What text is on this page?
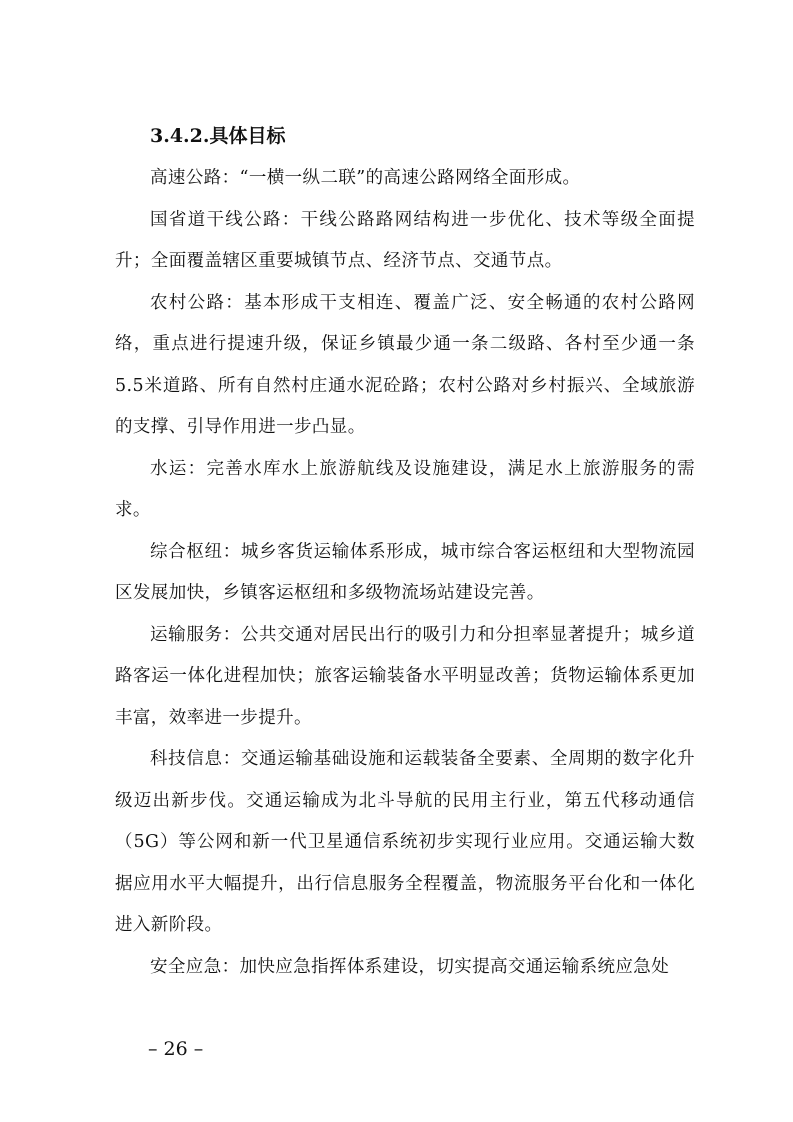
3.4.2.具体目标

高速公路：“一横一纵二联”的高速公路网络全面形成。

国省道干线公路：干线公路路网结构进一步优化、技术等级全面提升；全面覆盖辖区重要城镇节点、经济节点、交通节点。

农村公路：基本形成干支相连、覆盖广泛、安全畅通的农村公路网络，重点进行提速升级，保证乡镇最少通一条二级路、各村至少通一条5.5米道路、所有自然村庄通水泥砼路；农村公路对乡村振兴、全域旅游的支撑、引导作用进一步凸显。

水运：完善水库水上旅游航线及设施建设，满足水上旅游服务的需求。

综合枢纽：城乡客货运输体系形成，城市综合客运枢纽和大型物流园区发展加快，乡镇客运枢纽和多级物流场站建设完善。

运输服务：公共交通对居民出行的吸引力和分担率显著提升；城乡道路客运一体化进程加快；旅客运输装备水平明显改善；货物运输体系更加丰富，效率进一步提升。

科技信息：交通运输基础设施和运载装备全要素、全周期的数字化升级迈出新步伐。交通运输成为北斗导航的民用主行业，第五代移动通信（5G）等公网和新一代卫星通信系统初步实现行业应用。交通运输大数据应用水平大幅提升，出行信息服务全程覆盖，物流服务平台化和一体化进入新阶段。

安全应急：加快应急指挥体系建设，切实提高交通运输系统应急处

– 26 –
